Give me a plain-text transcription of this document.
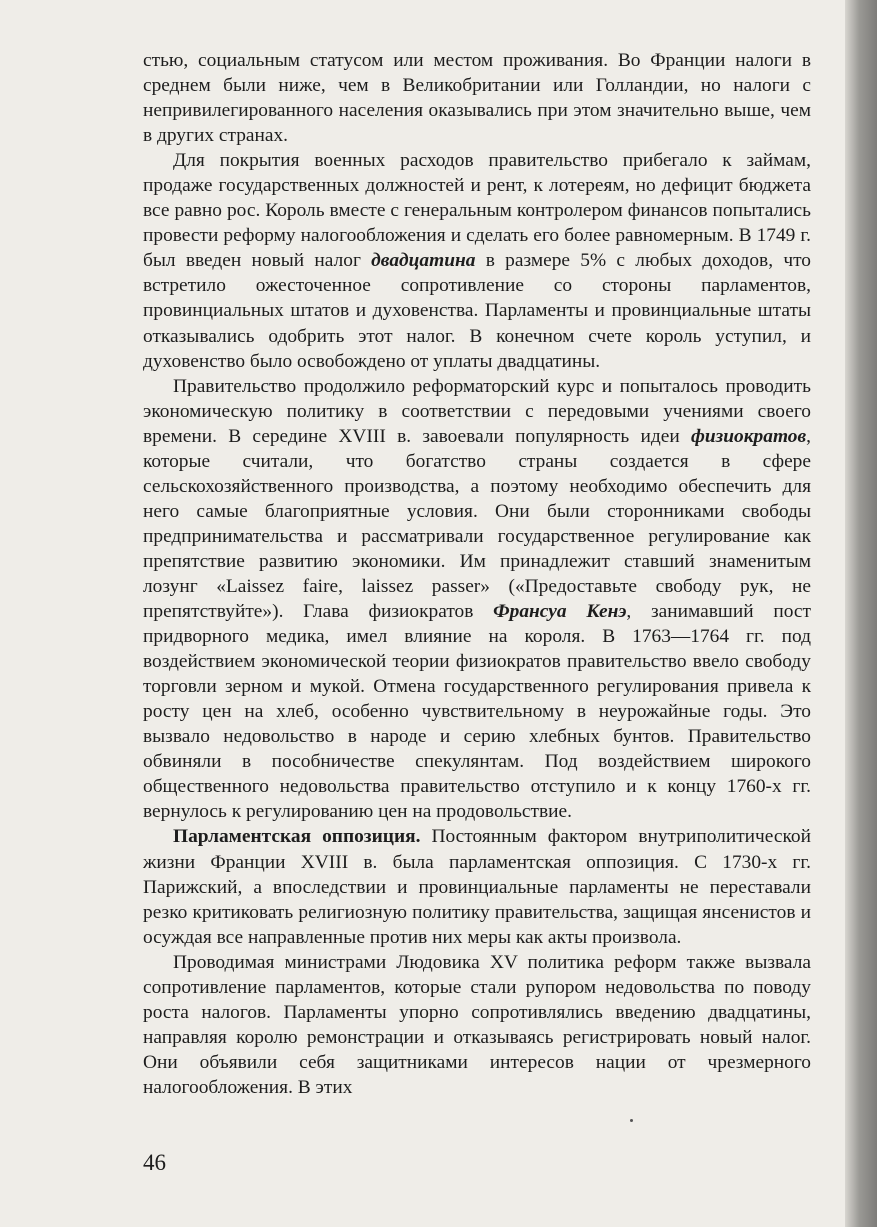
стью, социальным статусом или местом проживания. Во Франции налоги в среднем были ниже, чем в Великобритании или Голландии, но налоги с непривилегированного населения оказывались при этом значительно выше, чем в других странах.

Для покрытия военных расходов правительство прибегало к займам, продаже государственных должностей и рент, к лотереям, но дефицит бюджета все равно рос. Король вместе с генеральным контролером финансов попытались провести реформу налогообложения и сделать его более равномерным. В 1749 г. был введен новый налог двадцатина в размере 5% с любых доходов, что встретило ожесточенное сопротивление со стороны парламентов, провинциальных штатов и духовенства. Парламенты и провинциальные штаты отказывались одобрить этот налог. В конечном счете король уступил, и духовенство было освобождено от уплаты двадцатины.

Правительство продолжило реформаторский курс и попыталось проводить экономическую политику в соответствии с передовыми учениями своего времени. В середине XVIII в. завоевали популярность идеи физиократов, которые считали, что богатство страны создается в сфере сельскохозяйственного производства, а поэтому необходимо обеспечить для него самые благоприятные условия. Они были сторонниками свободы предпринимательства и рассматривали государственное регулирование как препятствие развитию экономики. Им принадлежит ставший знаменитым лозунг «Laissez faire, laissez passer» («Предоставьте свободу рук, не препятствуйте»). Глава физиократов Франсуа Кенэ, занимавший пост придворного медика, имел влияние на короля. В 1763—1764 гг. под воздействием экономической теории физиократов правительство ввело свободу торговли зерном и мукой. Отмена государственного регулирования привела к росту цен на хлеб, особенно чувствительному в неурожайные годы. Это вызвало недовольство в народе и серию хлебных бунтов. Правительство обвиняли в пособничестве спекулянтам. Под воздействием широкого общественного недовольства правительство отступило и к концу 1760-х гг. вернулось к регулированию цен на продовольствие.

Парламентская оппозиция. Постоянным фактором внутриполитической жизни Франции XVIII в. была парламентская оппозиция. С 1730-х гг. Парижский, а впоследствии и провинциальные парламенты не переставали резко критиковать религиозную политику правительства, защищая янсенистов и осуждая все направленные против них меры как акты произвола.

Проводимая министрами Людовика XV политика реформ также вызвала сопротивление парламентов, которые стали рупором недовольства по поводу роста налогов. Парламенты упорно сопротивлялись введению двадцатины, направляя королю ремонстрации и отказываясь регистрировать новый налог. Они объявили себя защитниками интересов нации от чрезмерного налогообложения. В этих

46
